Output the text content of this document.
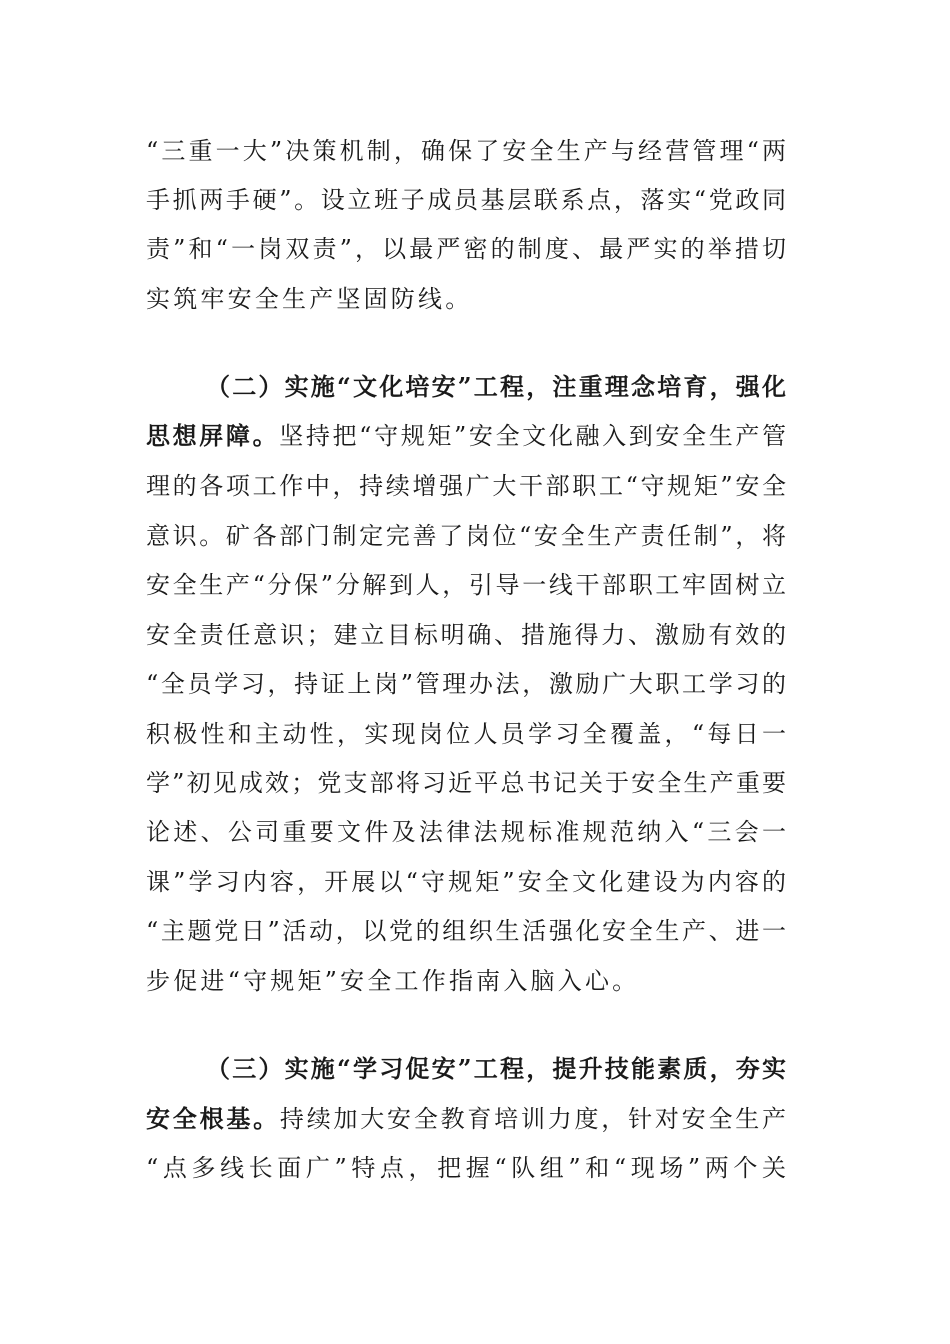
“三重一大”决策机制，确保了安全生产与经营管理“两
手抓两手硬”。设立班子成员基层联系点，落实“党政同
责”和“一岗双责”，以最严密的制度、最严实的举措切
实筑牢安全生产坚固防线。
（二）实施“文化培安”工程，注重理念培育，强化
思想屏障。坚持把“守规矩”安全文化融入到安全生产管
理的各项工作中，持续增强广大干部职工“守规矩”安全
意识。矿各部门制定完善了岗位“安全生产责任制”，将
安全生产“分保”分解到人，引导一线干部职工牢固树立
安全责任意识；建立目标明确、措施得力、激励有效的
“全员学习，持证上岗”管理办法，激励广大职工学习的
积极性和主动性，实现岗位人员学习全覆盖，“每日一
学”初见成效；党支部将习近平总书记关于安全生产重要
论述、公司重要文件及法律法规标准规范纳入“三会一
课”学习内容，开展以“守规矩”安全文化建设为内容的
“主题党日”活动，以党的组织生活强化安全生产、进一
步促进“守规矩”安全工作指南入脑入心。
（三）实施“学习促安”工程，提升技能素质，夯实
安全根基。持续加大安全教育培训力度，针对安全生产
“点多线长面广”特点，把握“队组”和“现场”两个关
